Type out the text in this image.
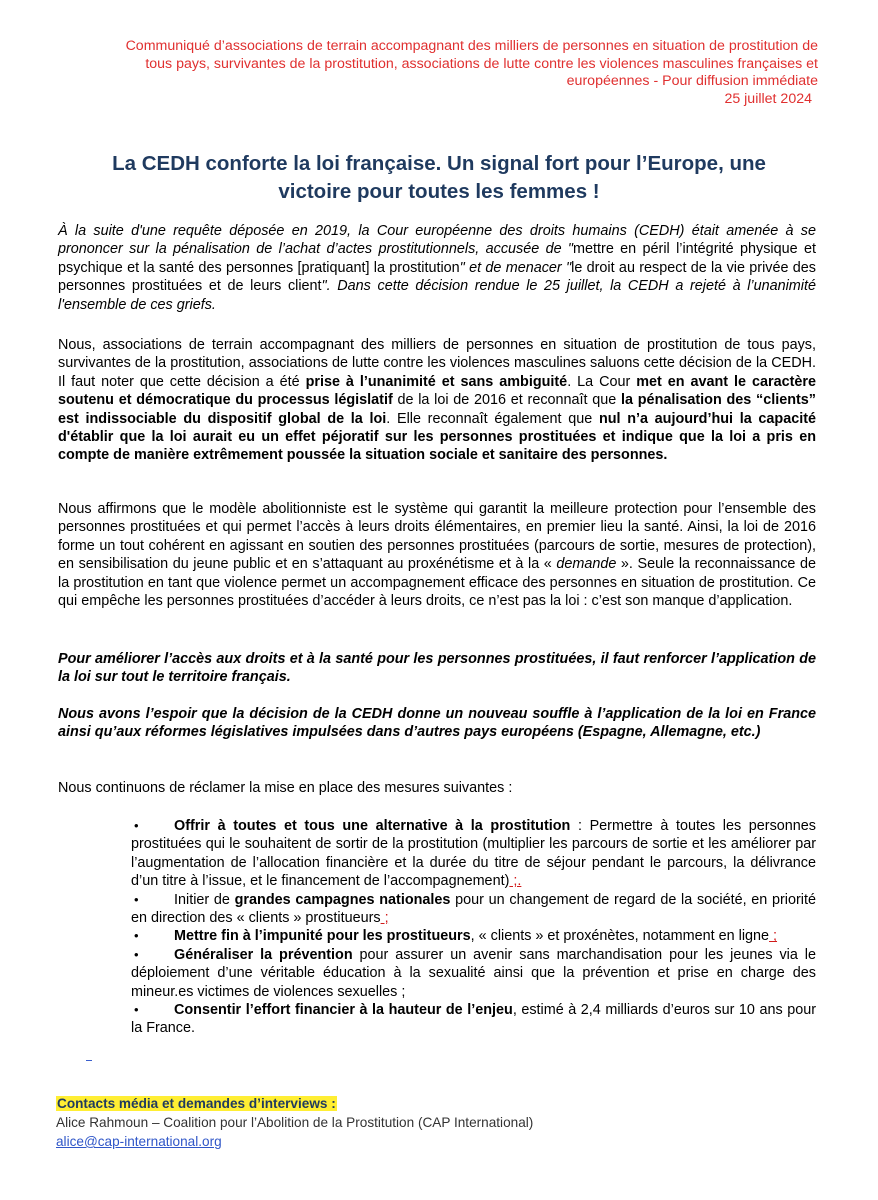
Communiqué d’associations de terrain accompagnant des milliers de personnes en situation de prostitution de
tous pays, survivantes de la prostitution, associations de lutte contre les violences masculines françaises et
européennes - Pour diffusion immédiate
25 juillet 2024
La CEDH conforte la loi française. Un signal fort pour l’Europe, une
victoire pour toutes les femmes !

À la suite d'une requête déposée en 2019, la Cour européenne des droits humains (CEDH) était amenée à se prononcer sur la pénalisation de l’achat d’actes prostitutionnels, accusée de "mettre en péril l’intégrité physique et psychique et la santé des personnes [pratiquant] la prostitution" et de menacer "le droit au respect de la vie privée des personnes prostituées et de leurs client". Dans cette décision rendue le 25 juillet, la CEDH a rejeté à l’unanimité l'ensemble de ces griefs.

Nous, associations de terrain accompagnant des milliers de personnes en situation de prostitution de tous pays, survivantes de la prostitution, associations de lutte contre les violences masculines saluons cette décision de la CEDH. Il faut noter que cette décision a été prise à l’unanimité et sans ambiguité. La Cour met en avant le caractère soutenu et démocratique du processus législatif de la loi de 2016 et reconnaît que la pénalisation des “clients” est indissociable du dispositif global de la loi. Elle reconnaît également que nul n’a aujourd’hui la capacité d'établir que la loi aurait eu un effet péjoratif sur les personnes prostituées et indique que la loi a pris en compte de manière extrêmement poussée la situation sociale et sanitaire des personnes.

Nous affirmons que le modèle abolitionniste est le système qui garantit la meilleure protection pour l’ensemble des personnes prostituées et qui permet l’accès à leurs droits élémentaires, en premier lieu la santé. Ainsi, la loi de 2016 forme un tout cohérent en agissant en soutien des personnes prostituées (parcours de sortie, mesures de protection), en sensibilisation du jeune public et en s’attaquant au proxénétisme et à la « demande ». Seule la reconnaissance de la prostitution en tant que violence permet un accompagnement efficace des personnes en situation de prostitution. Ce qui empêche les personnes prostituées d’accéder à leurs droits, ce n’est pas la loi : c’est son manque d’application.

Pour améliorer l’accès aux droits et à la santé pour les personnes prostituées, il faut renforcer l’application de la loi sur tout le territoire français.

Nous avons l’espoir que la décision de la CEDH donne un nouveau souffle à l’application de la loi en France ainsi qu’aux réformes législatives impulsées dans d’autres pays européens (Espagne, Allemagne, etc.)

Nous continuons de réclamer la mise en place des mesures suivantes :

• Offrir à toutes et tous une alternative à la prostitution : Permettre à toutes les personnes prostituées qui le souhaitent de sortir de la prostitution (multiplier les parcours de sortie et les améliorer par l’augmentation de l’allocation financière et la durée du titre de séjour pendant le parcours, la délivrance d’un titre à l’issue, et le financement de l’accompagnement) ;.
• Initier de grandes campagnes nationales pour un changement de regard de la société, en priorité en direction des « clients » prostitueurs ;
• Mettre fin à l’impunité pour les prostitueurs, « clients » et proxénètes, notamment en ligne ;
• Généraliser la prévention pour assurer un avenir sans marchandisation pour les jeunes via le déploiement d’une véritable éducation à la sexualité ainsi que la prévention et prise en charge des mineur.es victimes de violences sexuelles ;
• Consentir l’effort financier à la hauteur de l’enjeu, estimé à 2,4 milliards d’euros sur 10 ans pour la France.
Contacts média et demandes d’interviews :
Alice Rahmoun – Coalition pour l’Abolition de la Prostitution (CAP International)
alice@cap-international.org
